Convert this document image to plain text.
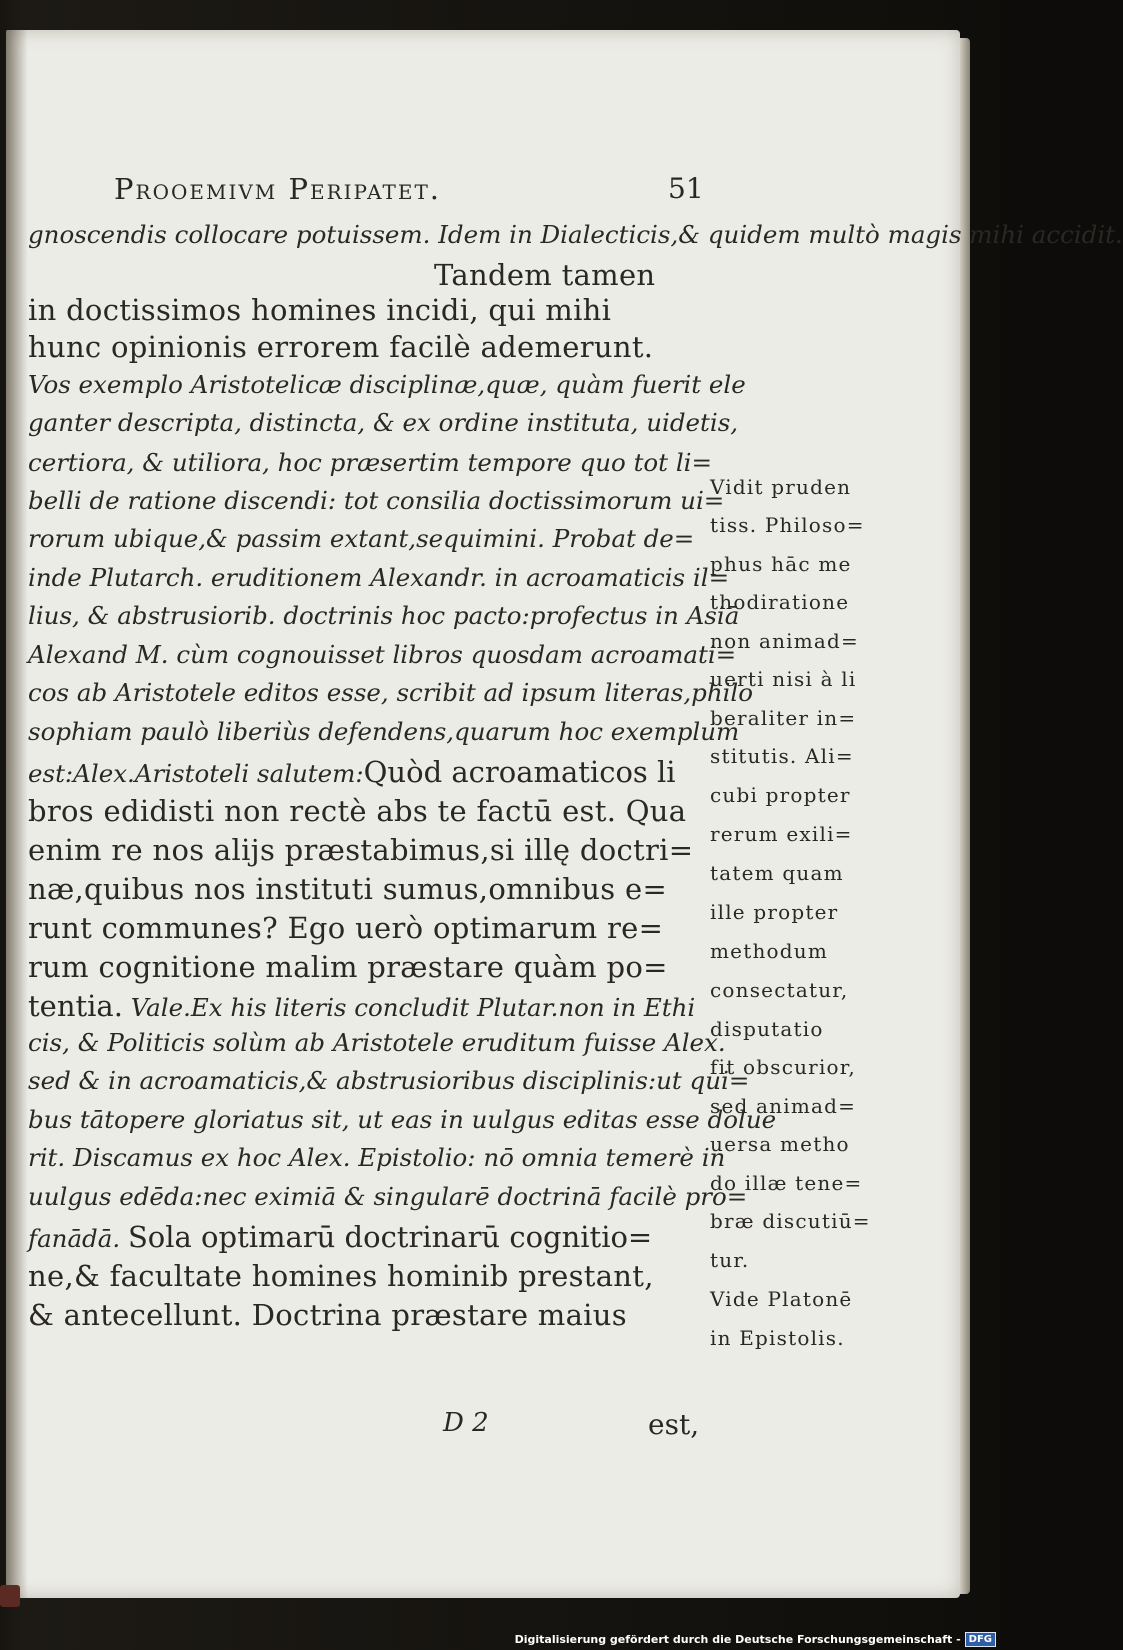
Prooemivm Peripatet.	51
gnoscendis collocare potuissem. Idem in Dialecticis,& quidem multò magis mihi accidit.
Tandem tamen
in doctissimos homines incidi, qui mihi
hunc opinionis errorem facilè ademerunt.
Vos exemplo Aristotelicæ disciplinæ,quæ, quàm fuerit ele
ganter descripta, distincta, & ex ordine instituta, uidetis,
certiora, & utiliora, hoc præsertim tempore quo tot li=
belli de ratione discendi: tot consilia doctissimorum ui=
rorum ubique,& passim extant,sequimini. Probat de=
inde Plutarch. eruditionem Alexandr. in acroamaticis il=
lius, & abstrusiorib. doctrinis hoc pacto:profectus in Asiā
Alexand M. cùm cognouisset libros quosdam acroamati=
cos ab Aristotele editos esse, scribit ad ipsum literas,philo
sophiam paulò liberiùs defendens,quarum hoc exemplum
est:Alex.Aristoteli salutem:Quòd acroamaticos li
bros edidisti non rectè abs te factū est. Qua
enim re nos alijs præstabimus,si illę doctri=
næ,quibus nos instituti sumus,omnibus e=
runt communes? Ego uerò optimarum re=
rum cognitione malim præstare quàm po=
tentia. Vale.Ex his literis concludit Plutar.non in Ethi
cis, & Politicis solùm ab Aristotele eruditum fuisse Alex.
sed & in acroamaticis,& abstrusioribus disciplinis:ut qui=
bus tātopere gloriatus sit, ut eas in uulgus editas esse dolue
rit. Discamus ex hoc Alex. Epistolio: nō omnia temerè in
uulgus edēda:nec eximiā & singularē doctrinā facilè pro=
fanādā. Sola optimarū doctrinarū cognitio=
ne,& facultate homines hominib prestant,
& antecellunt. Doctrina præstare maius
Vidit pruden
tiss. Philoso=
phus hāc me
thodiratione
non animad=
uerti nisi à li
beraliter in=
stitutis. Ali=
cubi propter
rerum exili=
tatem quam
ille propter
methodum
consectatur,
disputatio
fit obscurior,
sed animad=
uersa metho
do illæ tene=
bræ discutiū=
tur.
Vide Platonē
in Epistolis.
D 2	est,
Digitalisierung gefördert durch die Deutsche Forschungsgemeinschaft - DFG
